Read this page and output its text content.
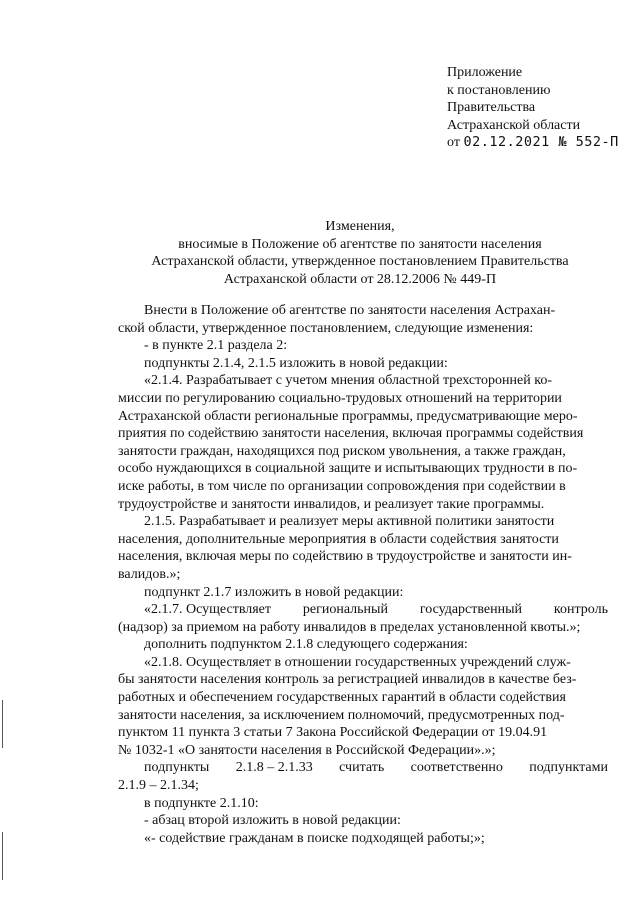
Приложение
к постановлению
Правительства
Астраханской области
от 02.12.2021 № 552-П
Изменения,
вносимые в Положение об агентстве по занятости населения
Астраханской области, утвержденное постановлением Правительства
Астраханской области от 28.12.2006 № 449-П

Внести в Положение об агентстве по занятости населения Астрахан-

ской области, утвержденное постановлением, следующие изменения:

- в пункте 2.1 раздела 2:

подпункты 2.1.4, 2.1.5 изложить в новой редакции:

«2.1.4. Разрабатывает с учетом мнения областной трехсторонней ко-

миссии по регулированию социально-трудовых отношений на территории

Астраханской области региональные программы, предусматривающие меро-

приятия по содействию занятости населения, включая программы содействия

занятости граждан, находящихся под риском увольнения, а также граждан,

особо нуждающихся в социальной защите и испытывающих трудности в по-

иске работы, в том числе по организации сопровождения при содействии в

трудоустройстве и занятости инвалидов, и реализует такие программы.

2.1.5. Разрабатывает и реализует меры активной политики занятости

населения, дополнительные мероприятия в области содействия занятости

населения, включая меры по содействию в трудоустройстве и занятости ин-

валидов.»;

подпункт 2.1.7 изложить в новой редакции:

«2.1.7. Осуществляет региональный государственный контроль

(надзор) за приемом на работу инвалидов в пределах установленной квоты.»;

дополнить подпунктом 2.1.8 следующего содержания:

«2.1.8. Осуществляет в отношении государственных учреждений служ-

бы занятости населения контроль за регистрацией инвалидов в качестве без-

работных и обеспечением государственных гарантий в области содействия

занятости населения, за исключением полномочий, предусмотренных под-

пунктом 11 пункта 3 статьи 7 Закона Российской Федерации от 19.04.91

№ 1032-1 «О занятости населения в Российской Федерации».»;

подпункты 2.1.8 – 2.1.33 считать соответственно подпунктами

2.1.9 – 2.1.34;

в подпункте 2.1.10:

- абзац второй изложить в новой редакции:

«- содействие гражданам в поиске подходящей работы;»;
